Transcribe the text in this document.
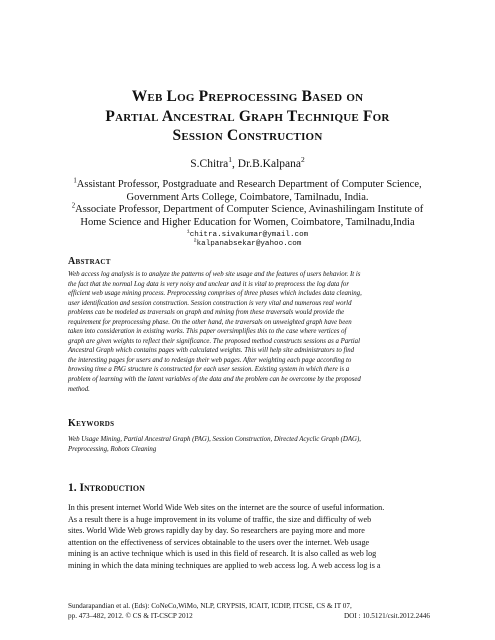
Web Log Preprocessing Based on
Partial Ancestral Graph Technique For
Session Construction
S.Chitra$^1$, Dr.B.Kalpana$^2$
$^1$Assistant Professor, Postgraduate and Research Department of Computer Science,
Government Arts College, Coimbatore, Tamilnadu, India.
$^2$Associate Professor, Department of Computer Science, Avinashilingam Institute of
Home Science and Higher Education for Women, Coimbatore, Tamilnadu,India
$^1$chitra.sivakumar@ymail.com
$^2$kalpanabsekar@yahoo.com
Abstract
Web access log analysis is to analyze the patterns of web site usage and the features of users behavior. It is
the fact that the normal Log data is very noisy and unclear and it is vital to preprocess the log data for
efficient web usage mining process. Preprocessing comprises of three phases which includes data cleaning,
user identification and session construction. Session construction is very vital and numerous real world
problems can be modeled as traversals on graph and mining from these traversals would provide the
requirement for preprocessing phase. On the other hand, the traversals on unweighted graph have been
taken into consideration in existing works. This paper oversimplifies this to the case where vertices of
graph are given weights to reflect their significance. The proposed method constructs sessions as a Partial
Ancestral Graph which contains pages with calculated weights. This will help site administrators to find
the interesting pages for users and to redesign their web pages. After weighting each page according to
browsing time a PAG structure is constructed for each user session. Existing system in which there is a
problem of learning with the latent variables of the data and the problem can be overcome by the proposed
method.
Keywords
Web Usage Mining, Partial Ancestral Graph (PAG), Session Construction, Directed Acyclic Graph (DAG),
Preprocessing, Robots Cleaning
1. Introduction
In this present internet World Wide Web sites on the internet are the source of useful information.
As a result there is a huge improvement in its volume of traffic, the size and difficulty of web
sites. World Wide Web grows rapidly day by day. So researchers are paying more and more
attention on the effectiveness of services obtainable to the users over the internet. Web usage
mining is an active technique which is used in this field of research. It is also called as web log
mining in which the data mining techniques are applied to web access log. A web access log is a
Sundarapandian et al. (Eds): CoNeCo,WiMo, NLP, CRYPSIS, ICAIT, ICDIP, ITCSE, CS & IT 07,
pp. 473–482, 2012. © CS & IT-CSCP 2012	DOI : 10.5121/csit.2012.2446
